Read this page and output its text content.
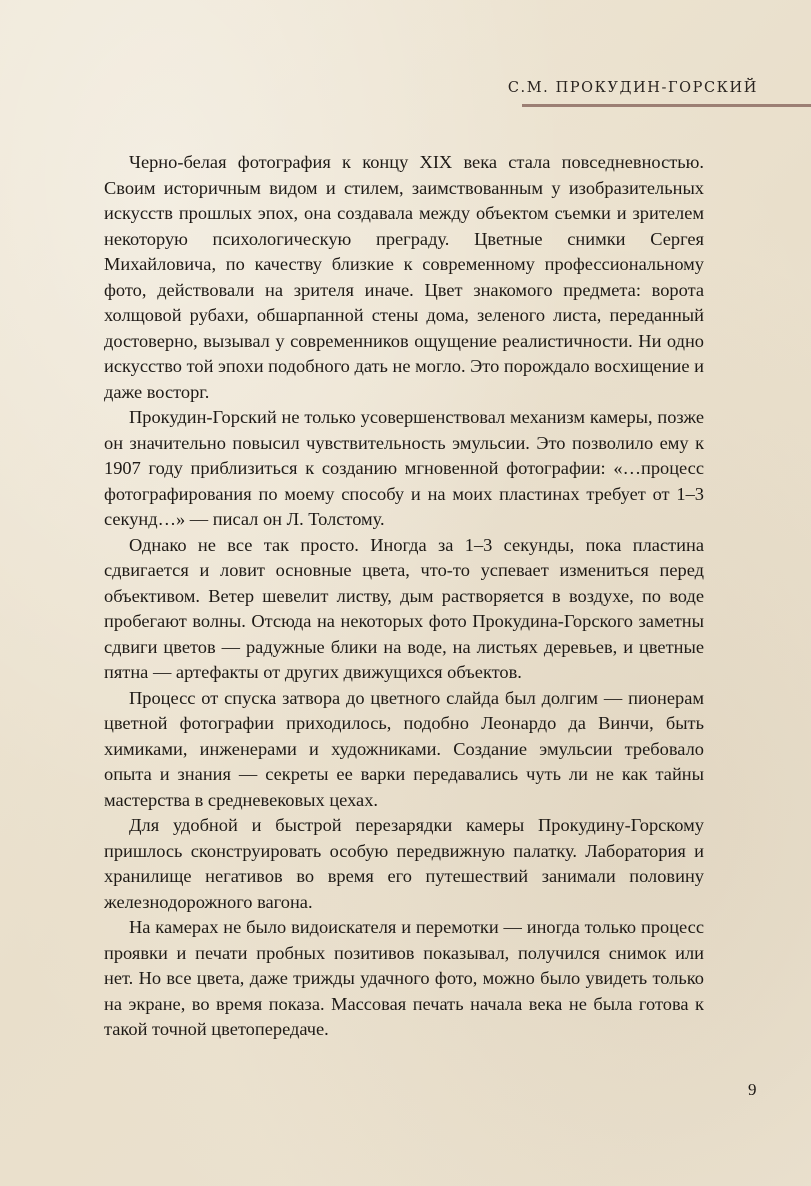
С.М. ПРОКУДИН-ГОРСКИЙ

Черно-белая фотография к концу XIX века стала повседневностью. Своим историчным видом и стилем, заимствованным у изобразительных искусств прошлых эпох, она создавала между объектом съемки и зрителем некоторую психологическую преграду. Цветные снимки Сергея Михайловича, по качеству близкие к современному профессиональному фото, действовали на зрителя иначе. Цвет знакомого предмета: ворота холщовой рубахи, обшарпанной стены дома, зеленого листа, переданный достоверно, вызывал у современников ощущение реалистичности. Ни одно искусство той эпохи подобного дать не могло. Это порождало восхищение и даже восторг.

Прокудин-Горский не только усовершенствовал механизм камеры, позже он значительно повысил чувствительность эмульсии. Это позволило ему к 1907 году приблизиться к созданию мгновенной фотографии: «…процесс фотографирования по моему способу и на моих пластинах требует от 1–3 секунд…» — писал он Л. Толстому.

Однако не все так просто. Иногда за 1–3 секунды, пока пластина сдвигается и ловит основные цвета, что-то успевает измениться перед объективом. Ветер шевелит листву, дым растворяется в воздухе, по воде пробегают волны. Отсюда на некоторых фото Прокудина-Горского заметны сдвиги цветов — радужные блики на воде, на листьях деревьев, и цветные пятна — артефакты от других движущихся объектов.

Процесс от спуска затвора до цветного слайда был долгим — пионерам цветной фотографии приходилось, подобно Леонардо да Винчи, быть химиками, инженерами и художниками. Создание эмульсии требовало опыта и знания — секреты ее варки передавались чуть ли не как тайны мастерства в средневековых цехах.

Для удобной и быстрой перезарядки камеры Прокудину-Горскому пришлось сконструировать особую передвижную палатку. Лаборатория и хранилище негативов во время его путешествий занимали половину железнодорожного вагона.

На камерах не было видоискателя и перемотки — иногда только процесс проявки и печати пробных позитивов показывал, получился снимок или нет. Но все цвета, даже трижды удачного фото, можно было увидеть только на экране, во время показа. Массовая печать начала века не была готова к такой точной цветопередаче.

9
